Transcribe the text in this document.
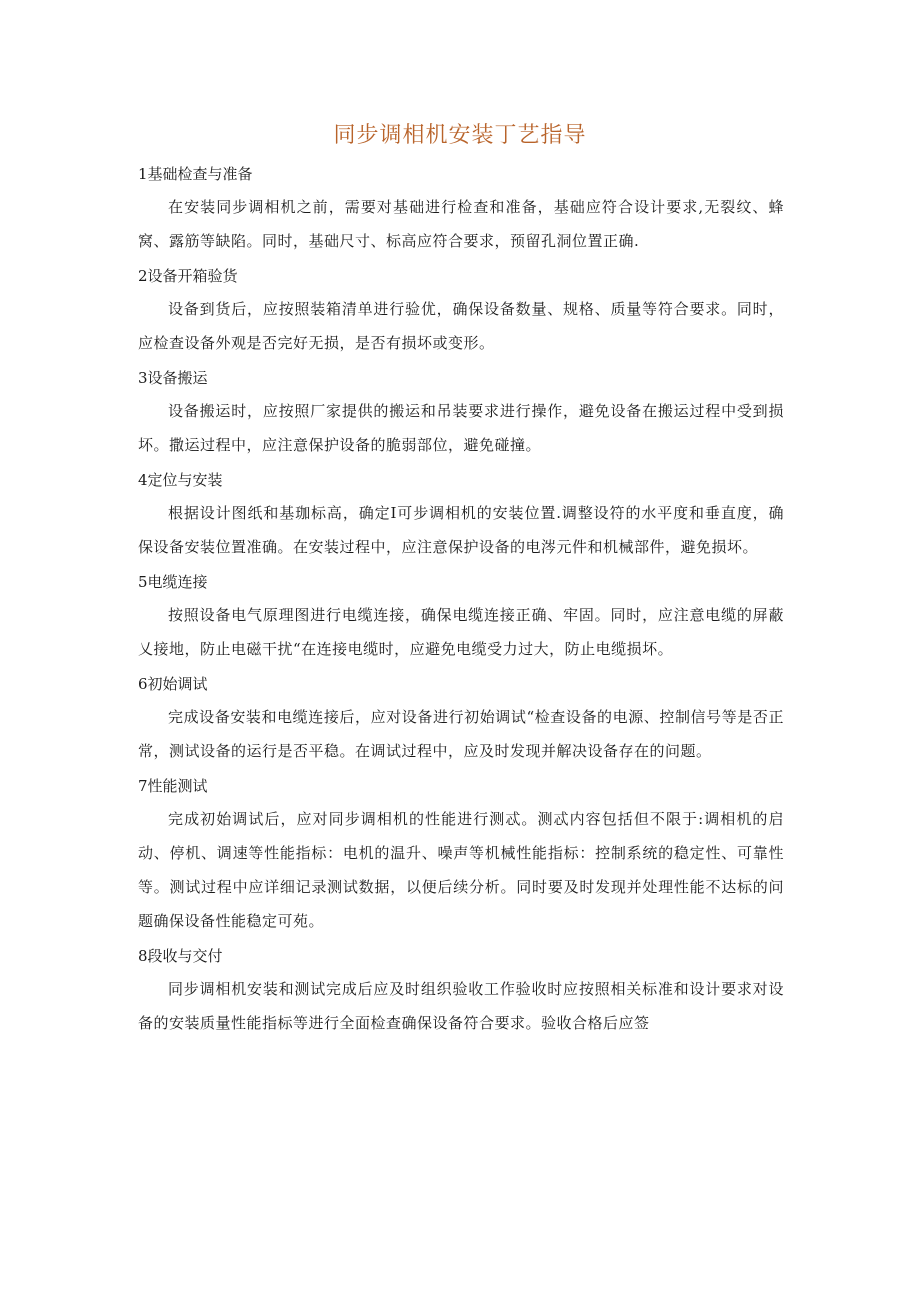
同步调相机安装丁艺指导
1基础检查与准备

在安装同步调相机之前，需要对基础进行检查和准备，基础应符合设计要求,无裂纹、蜂窝、露筋等缺陷。同时，基础尺寸、标高应符合要求，预留孔洞位置正确.

2设备开箱验货

设备到货后，应按照装箱清单进行验优，确保设备数量、规格、质量等符合要求。同时，应检查设备外观是否完好无损，是否有损坏或变形。

3设备搬运

设备搬运时，应按照厂家提供的搬运和吊装要求进行操作，避免设备在搬运过程中受到损坏。撒运过程中，应注意保护设备的脆弱部位，避免碰撞。

4定位与安装

根据设计图纸和基珈标高，确定I可步调相机的安装位置.调整设符的水平度和垂直度，确保设备安装位置准确。在安装过程中，应注意保护设备的电涔元件和机械部件，避免损坏。

5电缆连接

按照设备电气原理图进行电缆连接，确保电缆连接正确、牢固。同时，应注意电缆的屏蔽乂接地，防止电磁干扰“在连接电缆时，应避免电缆受力过大，防止电缆损坏。

6初始调试

完成设备安装和电缆连接后，应对设备进行初始调试“检查设备的电源、控制信号等是否正常，测试设备的运行是否平稳。在调试过程中，应及时发现并解决设备存在的问题。

7性能测试

完成初始调试后，应对同步调相机的性能进行测忒。测忒内容包括但不限于:调相机的启动、停机、调速等性能指标：电机的温升、噪声等机械性能指标：控制系统的稳定性、可靠性等。测试过程中应详细记录测试数据，以便后续分析。同时要及时发现并处理性能不达标的问题确保设备性能稳定可苑。

8段收与交付

同步调相机安装和测试完成后应及时组织验收工作验收时应按照相关标准和设计要求对设备的安装质量性能指标等进行全面检查确保设备符合要求。验收合格后应签
